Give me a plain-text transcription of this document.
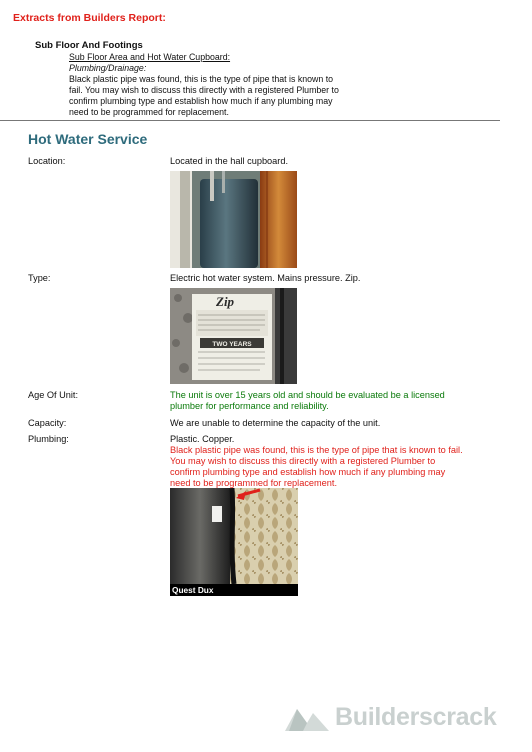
Extracts from Builders Report:
Sub Floor And Footings
Sub Floor Area and Hot Water Cupboard:
Plumbing/Drainage:
Black plastic pipe was found, this is the type of pipe that is known to
fail. You may wish to discuss this directly with a registered Plumber to
confirm plumbing type and establish how much if any plumbing may
need to be programmed for replacement.
Hot Water Service
Location:	Located in the hall cupboard.
Type:	Electric hot water system. Mains pressure. Zip.
TWO YEARS
Zip
Age Of Unit:	The unit is over 15 years old and should be evaluated be a licensed
plumber for performance and reliability.
Capacity:	We are unable to determine the capacity of the unit.
Plumbing:	Plastic. Copper.
Black plastic pipe was found, this is the type of pipe that is known to fail.
You may wish to discuss this directly with a registered Plumber to
confirm plumbing type and establish how much if any plumbing may
need to be programmed for replacement.
Quest Dux
Builderscrack
